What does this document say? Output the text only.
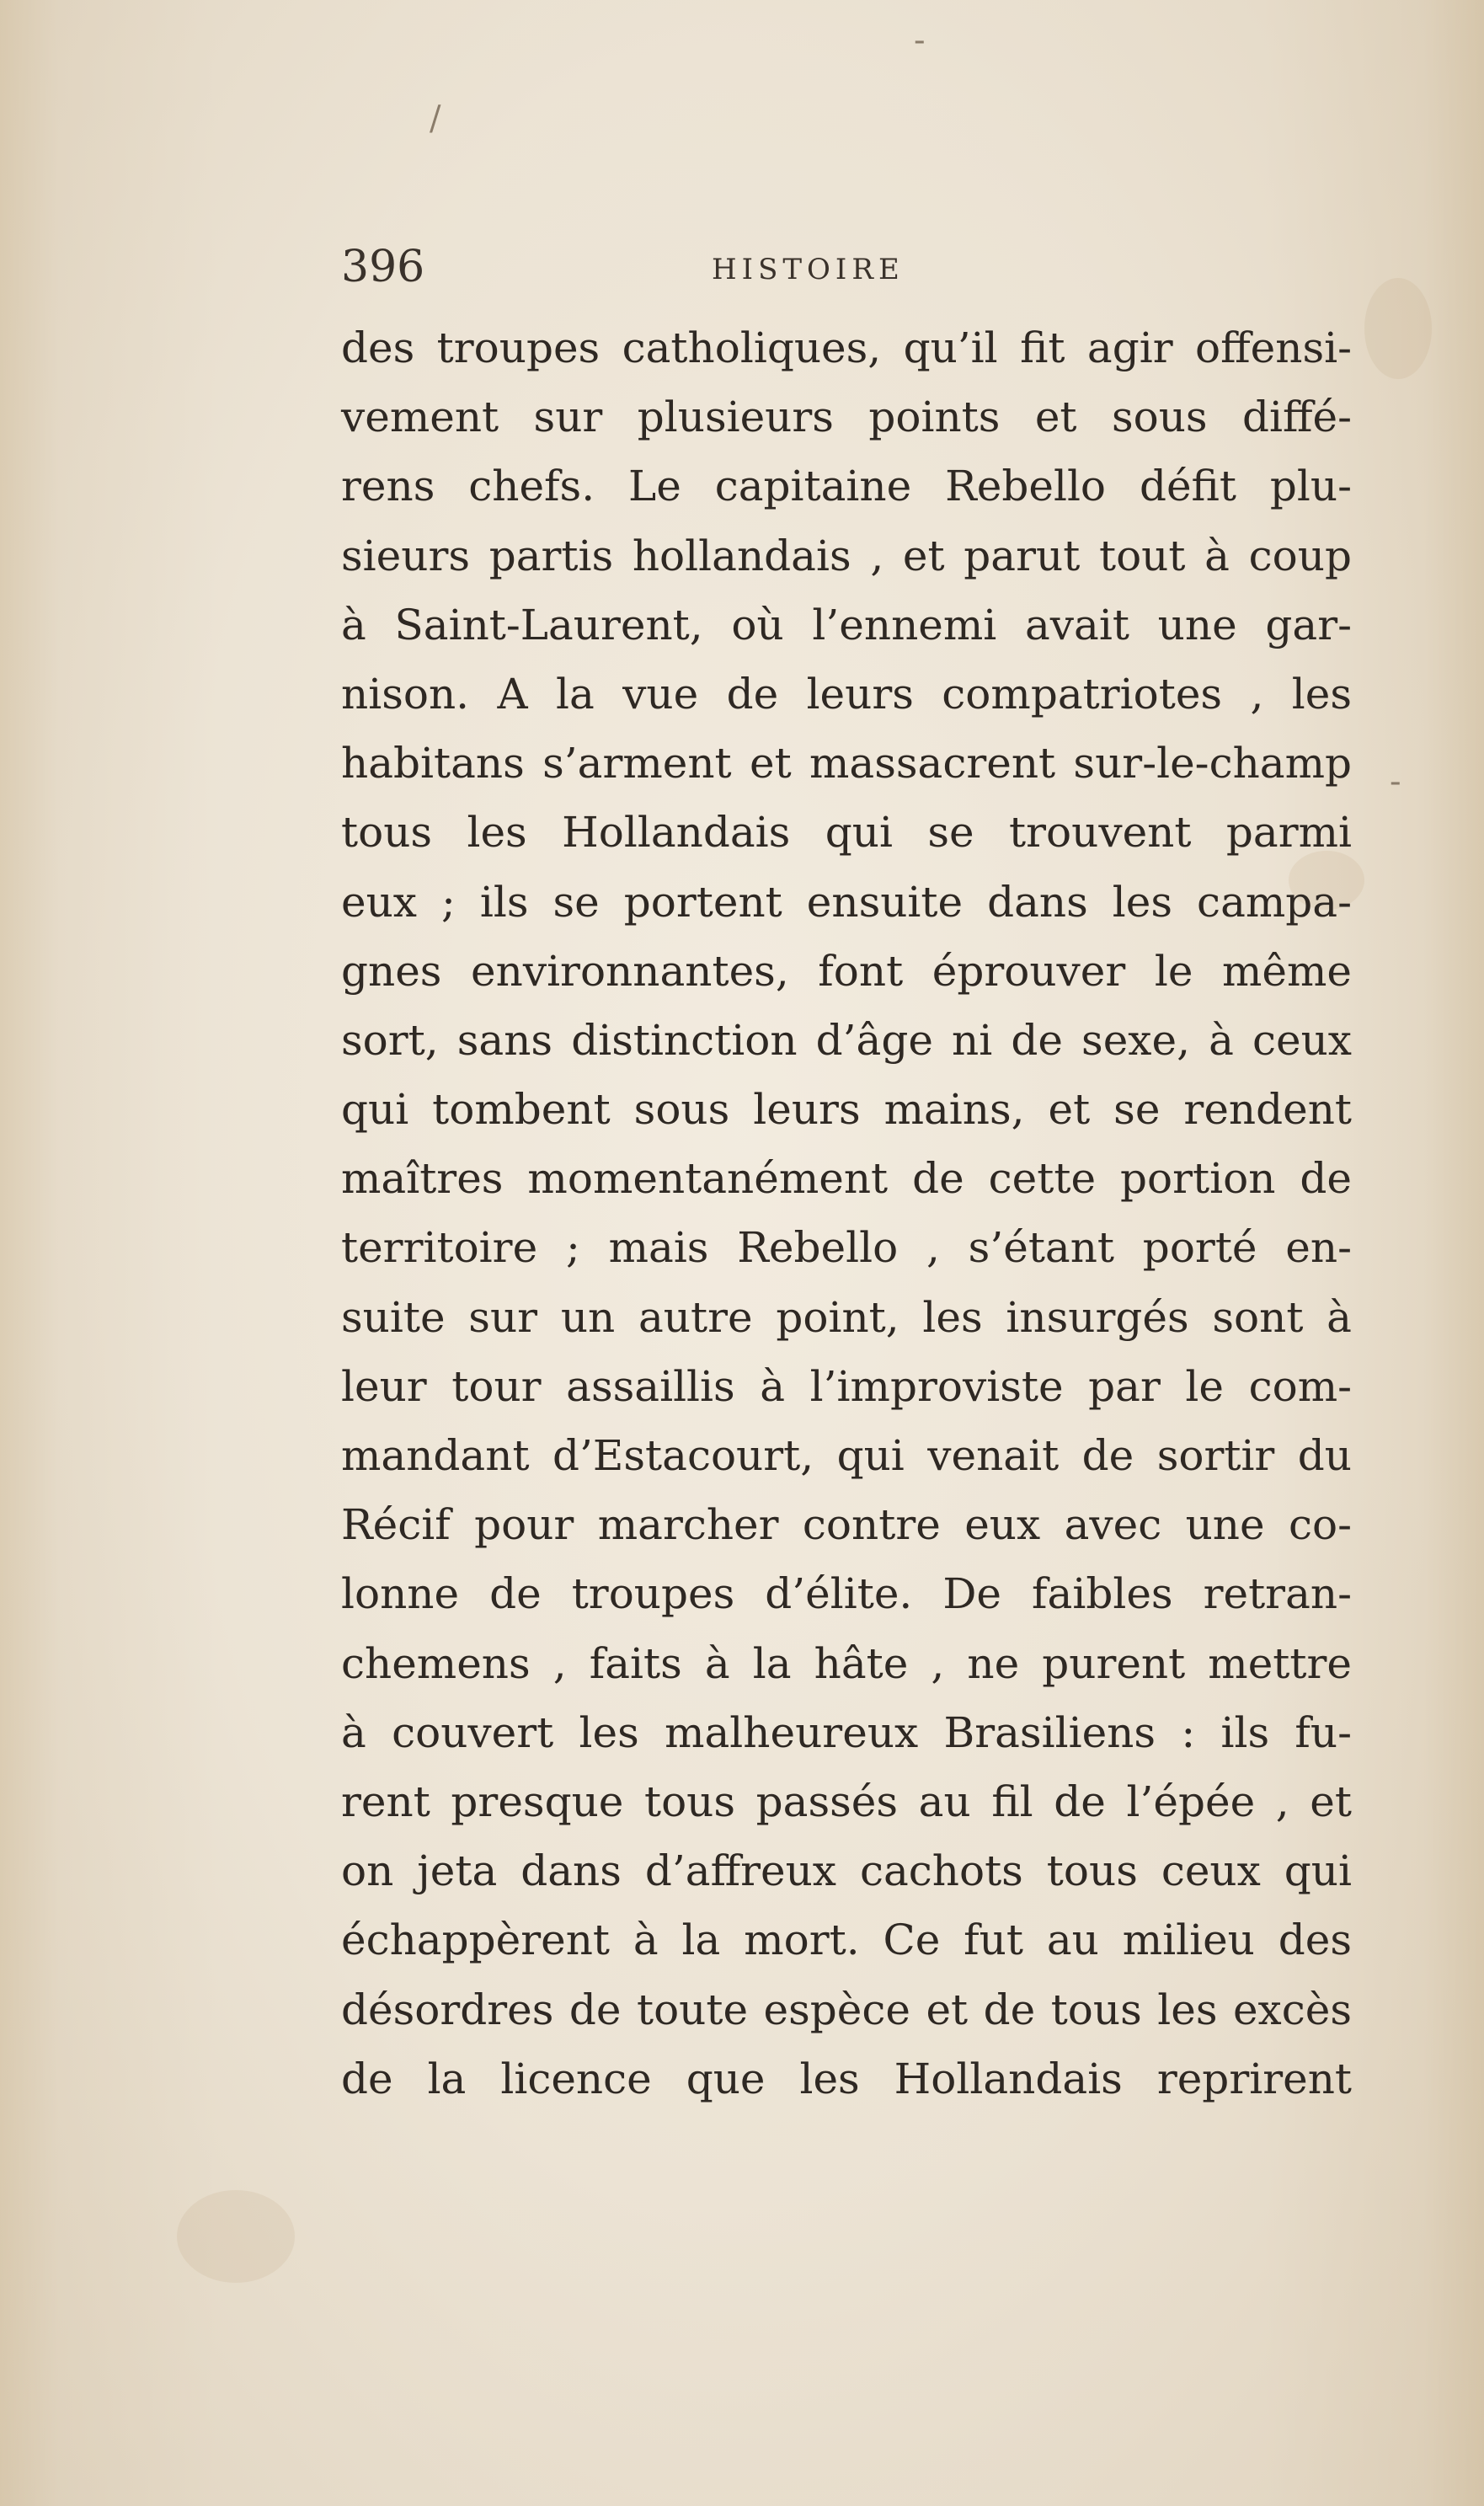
/
-
-
396	HISTOIRE
des troupes catholiques, qu’il fit agir offensi-
vement sur plusieurs points et sous diffé-
rens chefs. Le capitaine Rebello défit plu-
sieurs partis hollandais , et parut tout à coup
à Saint-Laurent, où l’ennemi avait une gar-
nison. A la vue de leurs compatriotes , les
habitans s’arment et massacrent sur-le-champ
tous les Hollandais qui se trouvent parmi
eux ; ils se portent ensuite dans les campa-
gnes environnantes, font éprouver le même
sort, sans distinction d’âge ni de sexe, à ceux
qui tombent sous leurs mains, et se rendent
maîtres momentanément de cette portion de
territoire ; mais Rebello , s’étant porté en-
suite sur un autre point, les insurgés sont à
leur tour assaillis à l’improviste par le com-
mandant d’Estacourt, qui venait de sortir du
Récif pour marcher contre eux avec une co-
lonne de troupes d’élite. De faibles retran-
chemens , faits à la hâte , ne purent mettre
à couvert les malheureux Brasiliens : ils fu-
rent presque tous passés au fil de l’épée , et
on jeta dans d’affreux cachots tous ceux qui
échappèrent à la mort. Ce fut au milieu des
désordres de toute espèce et de tous les excès
de la licence que les Hollandais reprirent
